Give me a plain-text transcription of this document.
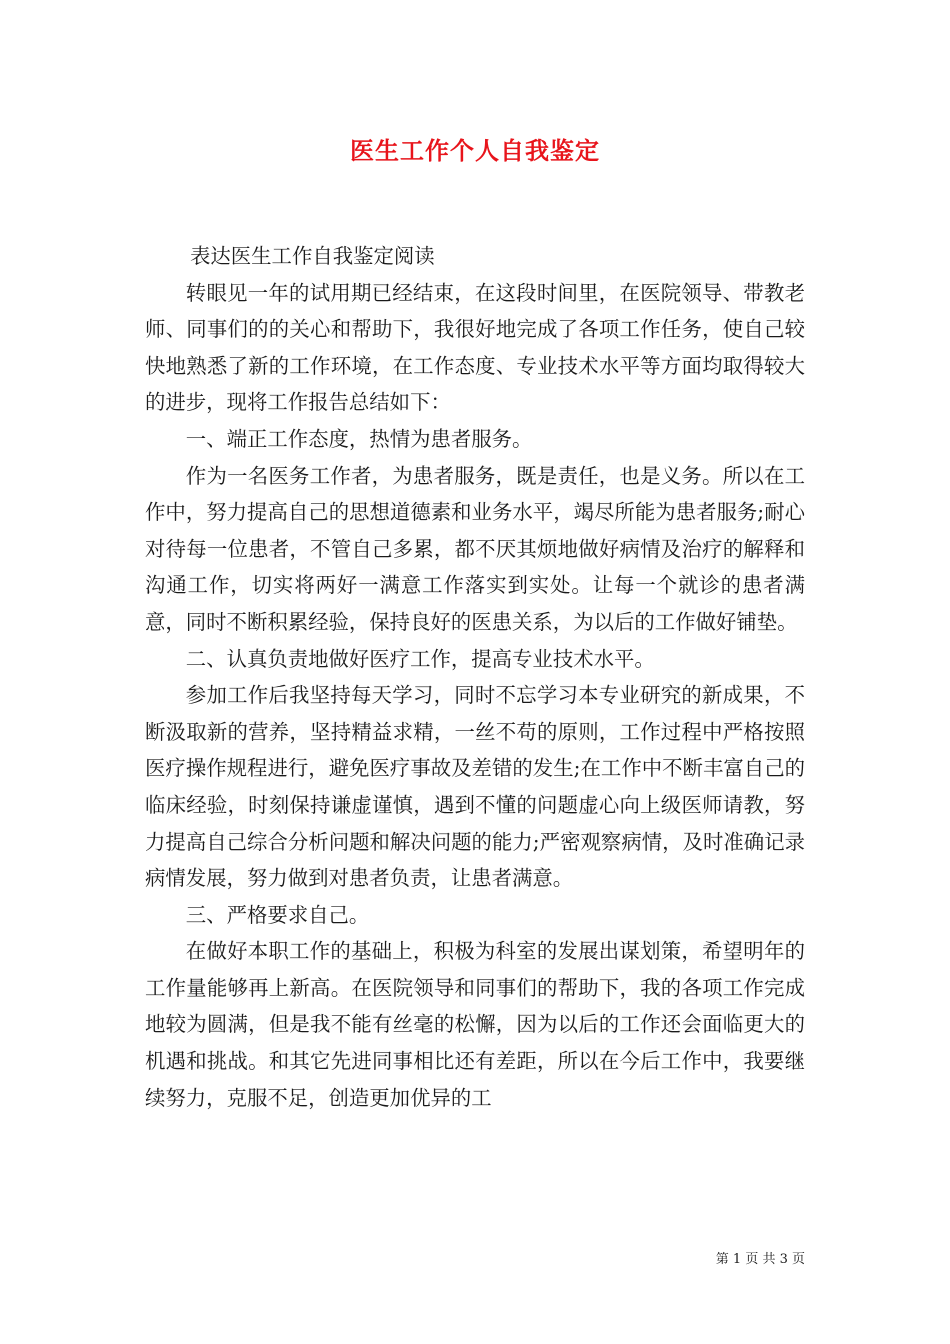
医生工作个人自我鉴定

表达医生工作自我鉴定阅读

转眼见一年的试用期已经结束，在这段时间里，在医院领导、带教老师、同事们的的关心和帮助下，我很好地完成了各项工作任务，使自己较快地熟悉了新的工作环境，在工作态度、专业技术水平等方面均取得较大的进步，现将工作报告总结如下：

一、端正工作态度，热情为患者服务。

作为一名医务工作者，为患者服务，既是责任，也是义务。所以在工作中，努力提高自己的思想道德素和业务水平，竭尽所能为患者服务;耐心对待每一位患者，不管自己多累，都不厌其烦地做好病情及治疗的解释和沟通工作，切实将两好一满意工作落实到实处。让每一个就诊的患者满意，同时不断积累经验，保持良好的医患关系，为以后的工作做好铺垫。

二、认真负责地做好医疗工作，提高专业技术水平。

参加工作后我坚持每天学习，同时不忘学习本专业研究的新成果，不断汲取新的营养，坚持精益求精，一丝不苟的原则，工作过程中严格按照医疗操作规程进行，避免医疗事故及差错的发生;在工作中不断丰富自己的临床经验，时刻保持谦虚谨慎，遇到不懂的问题虚心向上级医师请教，努力提高自己综合分析问题和解决问题的能力;严密观察病情，及时准确记录病情发展，努力做到对患者负责，让患者满意。

三、严格要求自己。

在做好本职工作的基础上，积极为科室的发展出谋划策，希望明年的工作量能够再上新高。在医院领导和同事们的帮助下，我的各项工作完成地较为圆满，但是我不能有丝毫的松懈，因为以后的工作还会面临更大的机遇和挑战。和其它先进同事相比还有差距，所以在今后工作中，我要继续努力，克服不足，创造更加优异的工

第 1 页 共 3 页
